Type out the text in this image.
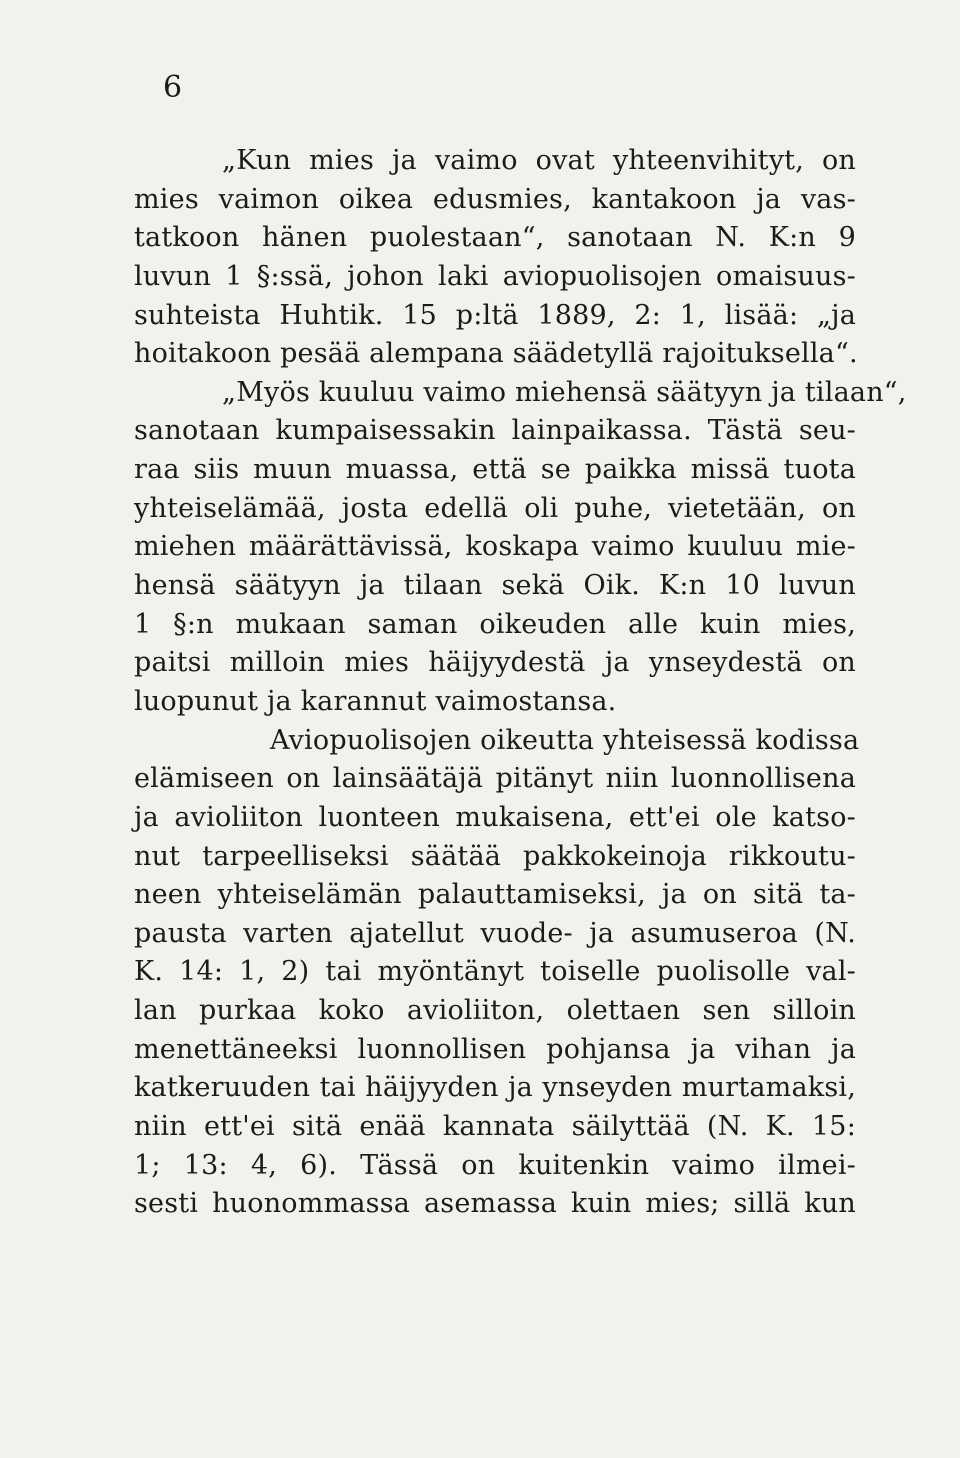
6
„Kun mies ja vaimo ovat yhteenvihityt, on
mies vaimon oikea edusmies, kantakoon ja vas-
tatkoon hänen puolestaan“, sanotaan N. K:n 9
luvun 1 §:ssä, johon laki aviopuolisojen omaisuus-
suhteista Huhtik. 15 p:ltä 1889, 2: 1, lisää: „ja
hoitakoon pesää alempana säädetyllä rajoituksella“.
„Myös kuuluu vaimo miehensä säätyyn ja tilaan“,
sanotaan kumpaisessakin lainpaikassa. Tästä seu-
raa siis muun muassa, että se paikka missä tuota
yhteiselämää, josta edellä oli puhe, vietetään, on
miehen määrättävissä, koskapa vaimo kuuluu mie-
hensä säätyyn ja tilaan sekä Oik. K:n 10 luvun
1 §:n mukaan saman oikeuden alle kuin mies,
paitsi milloin mies häijyydestä ja ynseydestä on
luopunut ja karannut vaimostansa.
Aviopuolisojen oikeutta yhteisessä kodissa
elämiseen on lainsäätäjä pitänyt niin luonnollisena
ja avioliiton luonteen mukaisena, ett'ei ole katso-
nut tarpeelliseksi säätää pakkokeinoja rikkoutu-
neen yhteiselämän palauttamiseksi, ja on sitä ta-
pausta varten ajatellut vuode- ja asumuseroa (N.
K. 14: 1, 2) tai myöntänyt toiselle puolisolle val-
lan purkaa koko avioliiton, olettaen sen silloin
menettäneeksi luonnollisen pohjansa ja vihan ja
katkeruuden tai häijyyden ja ynseyden murtamaksi,
niin ett'ei sitä enää kannata säilyttää (N. K. 15:
1; 13: 4, 6). Tässä on kuitenkin vaimo ilmei-
sesti huonommassa asemassa kuin mies; sillä kun
